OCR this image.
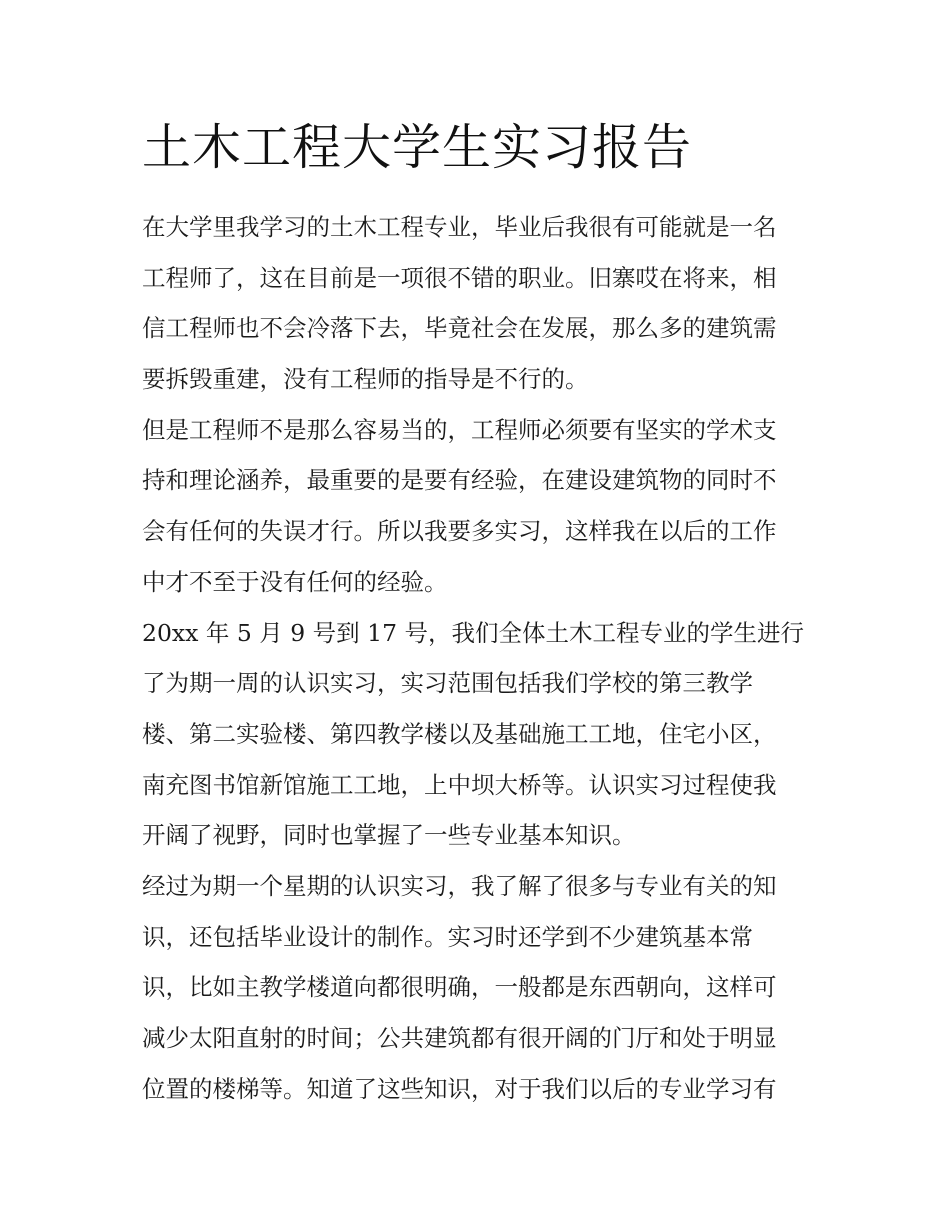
土木工程大学生实习报告

在大学里我学习的土木工程专业，毕业后我很有可能就是一名

工程师了，这在目前是一项很不错的职业。旧寨哎在将来，相

信工程师也不会冷落下去，毕竟社会在发展，那么多的建筑需

要拆毁重建，没有工程师的指导是不行的。

但是工程师不是那么容易当的，工程师必须要有坚实的学术支

持和理论涵养，最重要的是要有经验，在建设建筑物的同时不

会有任何的失误才行。所以我要多实习，这样我在以后的工作

中才不至于没有任何的经验。

20xx 年 5 月 9 号到 17 号，我们全体土木工程专业的学生进行

了为期一周的认识实习，实习范围包括我们学校的第三教学

楼、第二实验楼、第四教学楼以及基础施工工地，住宅小区，

南充图书馆新馆施工工地，上中坝大桥等。认识实习过程使我

开阔了视野，同时也掌握了一些专业基本知识。

经过为期一个星期的认识实习，我了解了很多与专业有关的知

识，还包括毕业设计的制作。实习时还学到不少建筑基本常

识，比如主教学楼道向都很明确，一般都是东西朝向，这样可

减少太阳直射的时间；公共建筑都有很开阔的门厅和处于明显

位置的楼梯等。知道了这些知识，对于我们以后的专业学习有
